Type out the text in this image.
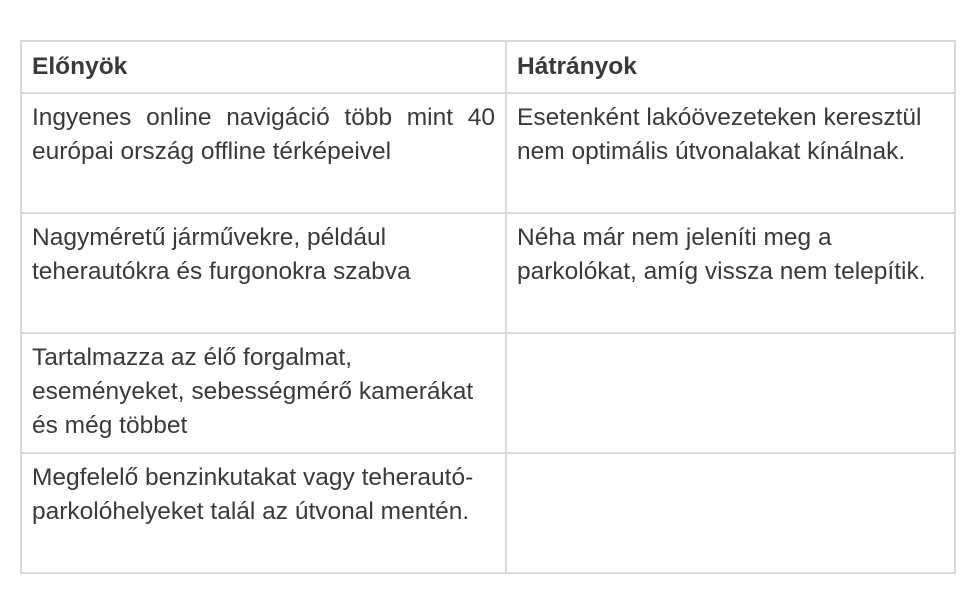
Előnyök	Hátrányok
Ingyenes online navigáció több mint 40 európai ország offline térképeivel	Esetenként lakóövezeteken keresztül nem optimális útvonalakat kínálnak.
Nagyméretű járművekre, például teherautókra és furgonokra szabva	Néha már nem jeleníti meg a parkolókat, amíg vissza nem telepítik.
Tartalmazza az élő forgalmat, eseményeket, sebességmérő kamerákat és még többet	
Megfelelő benzinkutakat vagy teherautó-parkolóhelyeket talál az útvonal mentén.	
